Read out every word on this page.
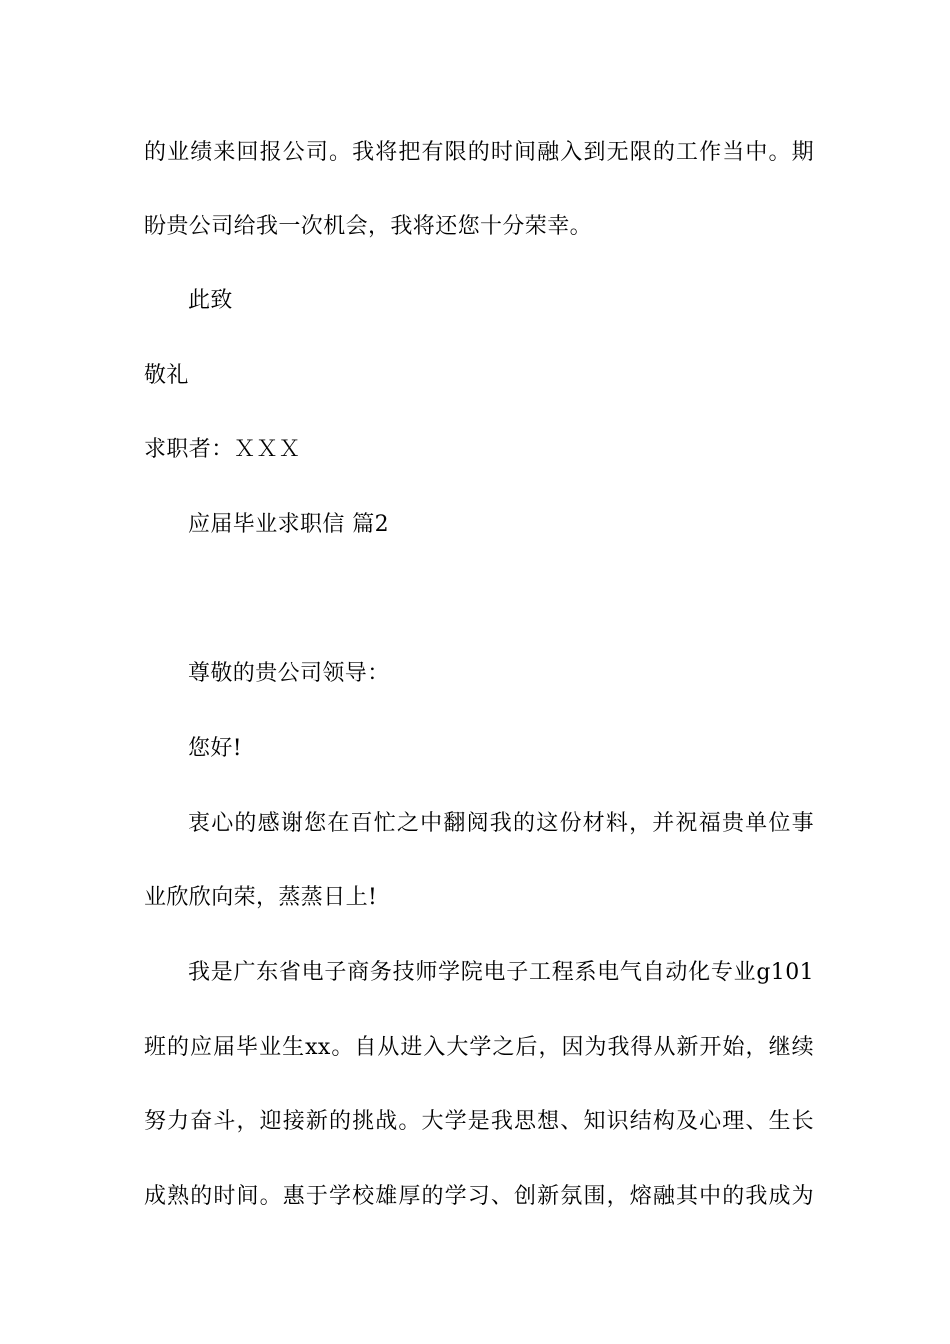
的业绩来回报公司。我将把有限的时间融入到无限的工作当中。期
盼贵公司给我一次机会，我将还您十分荣幸。
此致
敬礼
求职者：ＸＸＸ
应届毕业求职信 篇2
尊敬的贵公司领导：
您好!
衷心的感谢您在百忙之中翻阅我的这份材料，并祝福贵单位事
业欣欣向荣，蒸蒸日上!
我是广东省电子商务技师学院电子工程系电气自动化专业g101
班的应届毕业生xx。自从进入大学之后，因为我得从新开始，继续
努力奋斗，迎接新的挑战。大学是我思想、知识结构及心理、生长
成熟的时间。惠于学校雄厚的学习、创新氛围，熔融其中的我成为
